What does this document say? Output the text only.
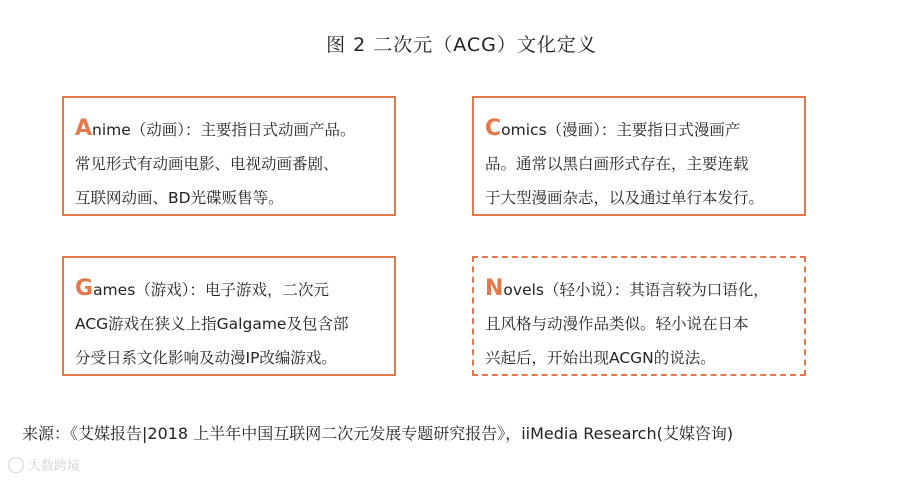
图 2 二次元（ACG）文化定义
Anime（动画）：主要指日式动画产品。
常见形式有动画电影、电视动画番剧、
互联网动画、BD光碟贩售等。
Comics（漫画）：主要指日式漫画产
品。通常以黑白画形式存在，主要连载
于大型漫画杂志，以及通过单行本发行。
Games（游戏）：电子游戏，二次元
ACG游戏在狭义上指Galgame及包含部
分受日系文化影响及动漫IP改编游戏。
Novels（轻小说）：其语言较为口语化，
且风格与动漫作品类似。轻小说在日本
兴起后，开始出现ACGN的说法。
来源：《艾媒报告|2018 上半年中国互联网二次元发展专题研究报告》，iiMedia Research(艾媒咨询)
大数跨境
